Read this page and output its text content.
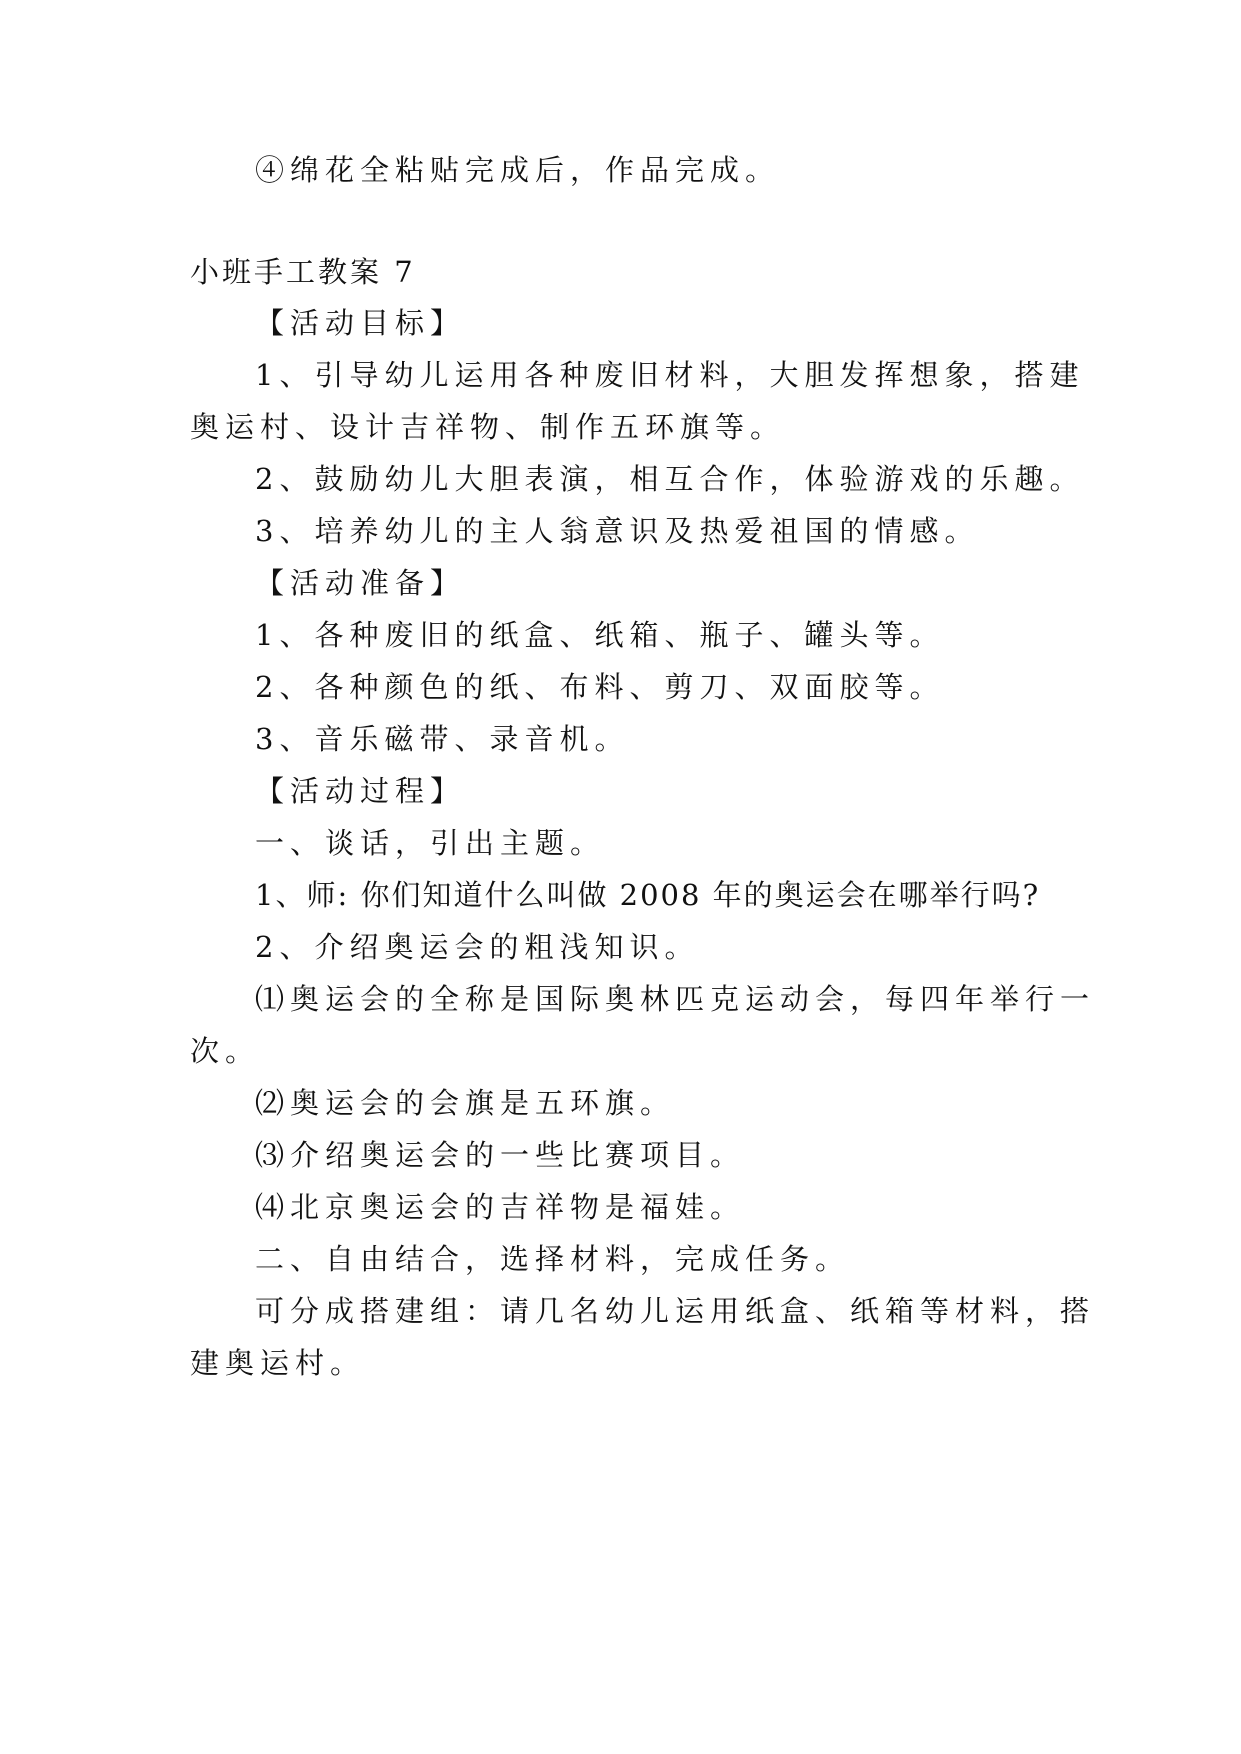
④绵花全粘贴完成后，作品完成。
小班手工教案 7
【活动目标】
1、引导幼儿运用各种废旧材料，大胆发挥想象，搭建
奥运村、设计吉祥物、制作五环旗等。
2、鼓励幼儿大胆表演，相互合作，体验游戏的乐趣。
3、培养幼儿的主人翁意识及热爱祖国的情感。
【活动准备】
1、各种废旧的纸盒、纸箱、瓶子、罐头等。
2、各种颜色的纸、布料、剪刀、双面胶等。
3、音乐磁带、录音机。
【活动过程】
一、谈话，引出主题。
1、师: 你们知道什么叫做 2008 年的奥运会在哪举行吗?
2、介绍奥运会的粗浅知识。
⑴奥运会的全称是国际奥林匹克运动会，每四年举行一
次。
⑵奥运会的会旗是五环旗。
⑶介绍奥运会的一些比赛项目。
⑷北京奥运会的吉祥物是福娃。
二、自由结合，选择材料，完成任务。
可分成搭建组：请几名幼儿运用纸盒、纸箱等材料，搭
建奥运村。
